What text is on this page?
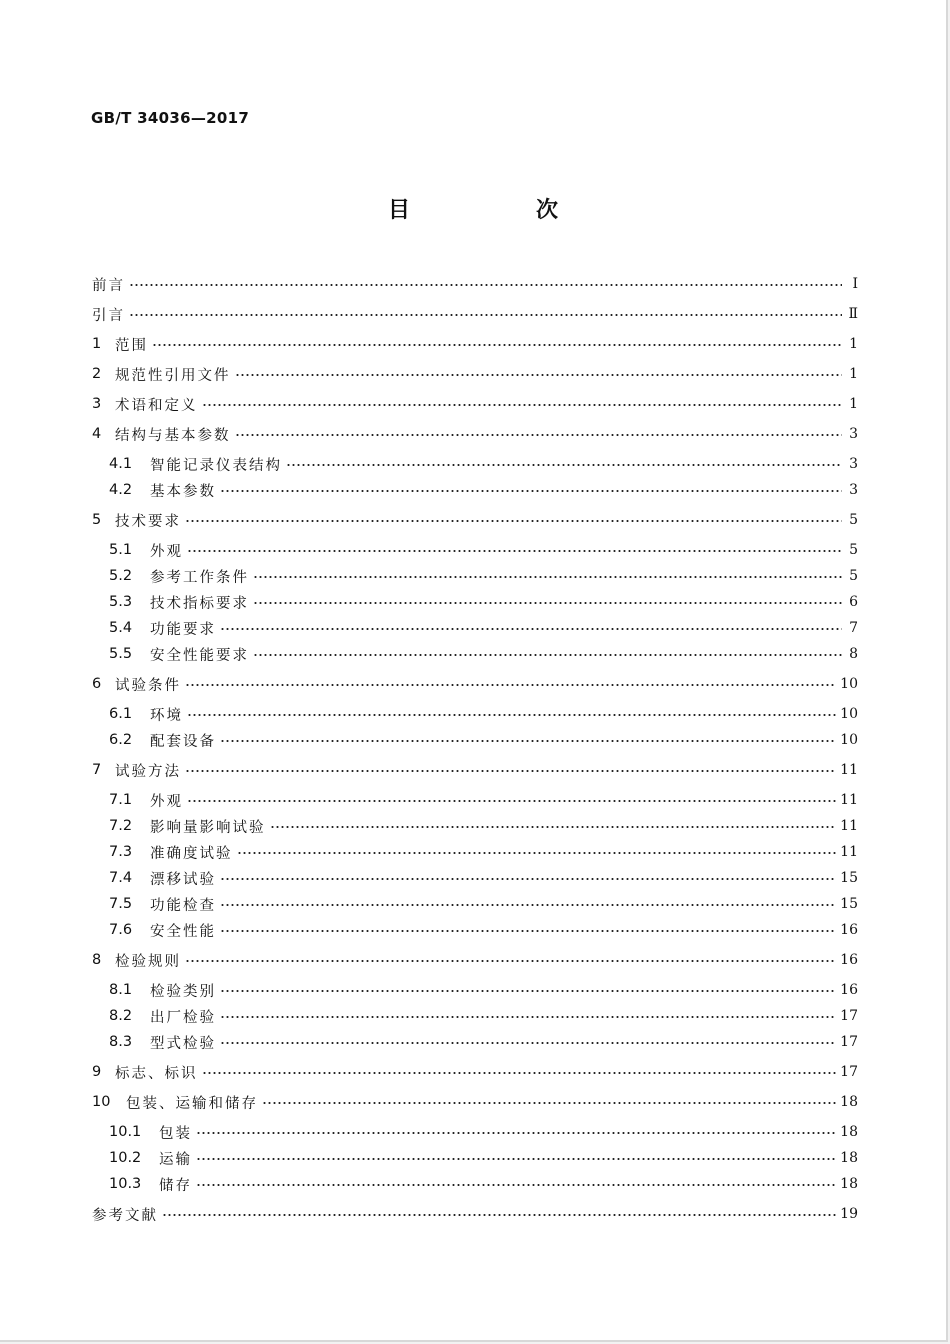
GB/T 34036—2017
目　次
前言	Ⅰ
引言	Ⅱ
1 范围	1
2 规范性引用文件	1
3 术语和定义	1
4 结构与基本参数	3
4.1	智能记录仪表结构	3
4.2	基本参数	3
5 技术要求	5
5.1	外观	5
5.2	参考工作条件	5
5.3	技术指标要求	6
5.4	功能要求	7
5.5	安全性能要求	8
6 试验条件	10
6.1	环境	10
6.2	配套设备	10
7 试验方法	11
7.1	外观	11
7.2	影响量影响试验	11
7.3	准确度试验	11
7.4	漂移试验	15
7.5	功能检查	15
7.6	安全性能	16
8 检验规则	16
8.1	检验类别	16
8.2	出厂检验	17
8.3	型式检验	17
9 标志、标识	17
10	包装、运输和储存	18
10.1	包装	18
10.2	运输	18
10.3	储存	18
参考文献	19
